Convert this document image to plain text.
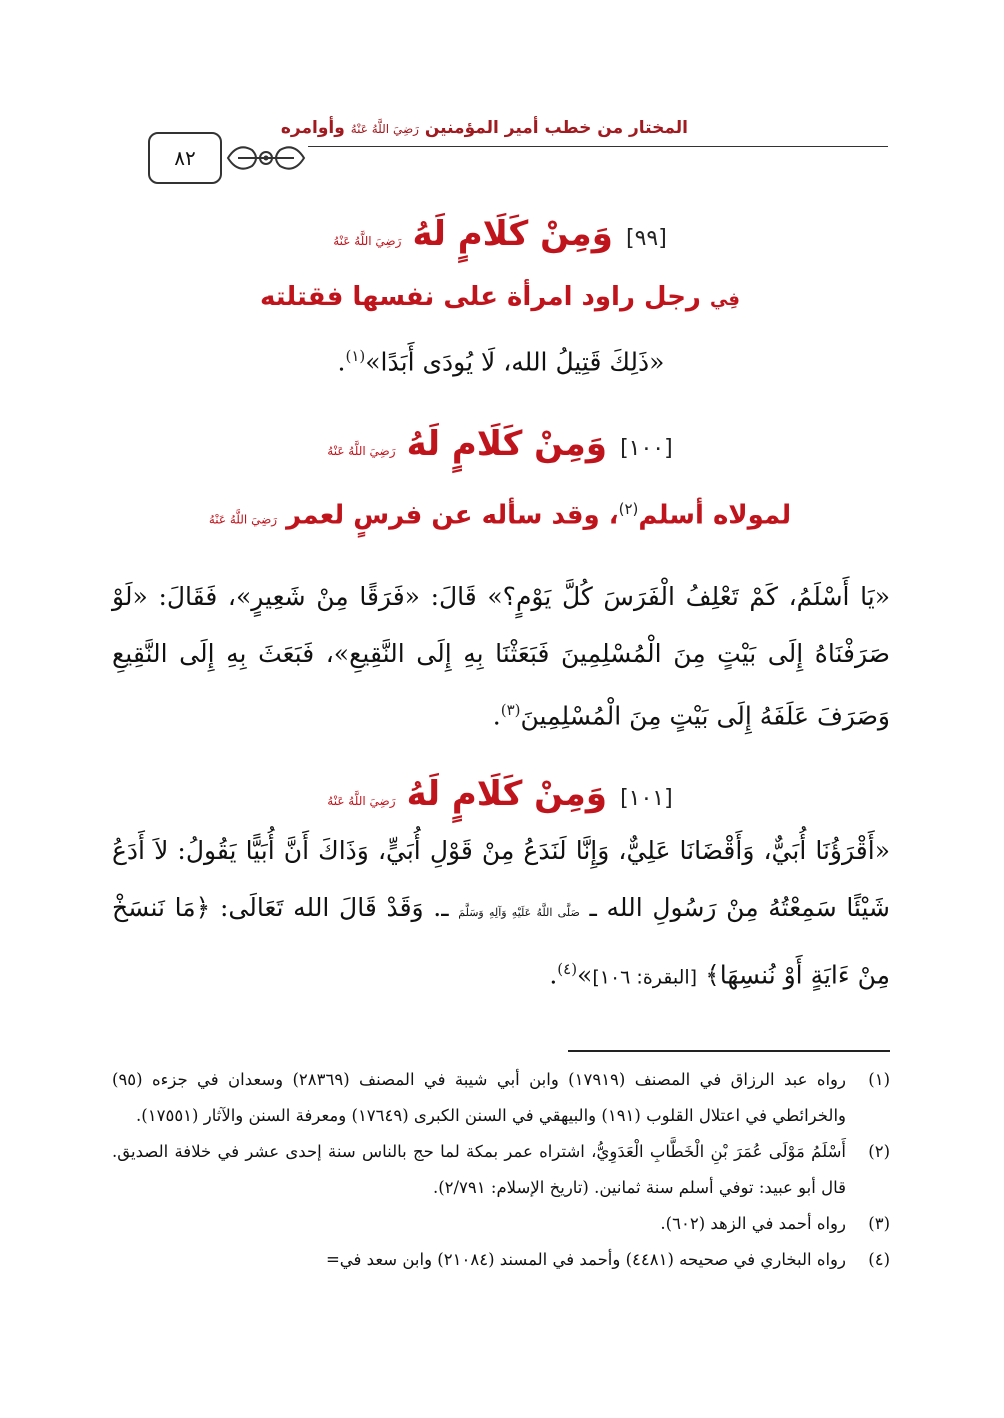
٨٢
المختار من خطب أمير المؤمنين رَضِيَ اللَّهُ عَنْهُ وأوامره
[٩٩] وَمِنْ كَلَامٍ لَهُ رَضِيَ اللَّهُ عَنْهُ
فِي رجل راود امرأة على نفسها فقتلته
«ذَلِكَ قَتِيلُ الله، لَا يُودَى أَبَدًا»$^{(١)}$.
[١٠٠] وَمِنْ كَلَامٍ لَهُ رَضِيَ اللَّهُ عَنْهُ
لمولاه أسلم$^{(٢)}$، وقد سأله عن فرسٍ لعمر رَضِيَ اللَّهُ عَنْهُ
«يَا أَسْلَمُ، كَمْ تَعْلِفُ الْفَرَسَ كُلَّ يَوْمٍ؟» قَالَ: «فَرَقًا مِنْ شَعِيرٍ»، فَقَالَ: «لَوْ صَرَفْنَاهُ إِلَى بَيْتٍ مِنَ الْمُسْلِمِينَ فَبَعَثْنَا بِهِ إِلَى النَّقِيعِ»، فَبَعَثَ بِهِ إِلَى النَّقِيعِ وَصَرَفَ عَلَفَهُ إِلَى بَيْتٍ مِنَ الْمُسْلِمِينَ$^{(٣)}$.
[١٠١] وَمِنْ كَلَامٍ لَهُ رَضِيَ اللَّهُ عَنْهُ
«أَقْرَؤُنَا أُبَيٌّ، وَأَقْضَانَا عَلِيٌّ، وَإِنَّا لَنَدَعُ مِنْ قَوْلِ أُبَيٍّ، وَذَاكَ أَنَّ أُبَيًّا يَقُولُ: لاَ أَدَعُ شَيْئًا سَمِعْتُهُ مِنْ رَسُولِ الله ـ صَلَّى اللَّهُ عَلَيْهِ وَآلِهِ وَسَلَّمَ ـ. وَقَدْ قَالَ الله تَعَالَى: ﴿مَا نَنسَخْ مِنْ ءَايَةٍ أَوْ نُنسِهَا﴾ [البقرة: ١٠٦]»$^{(٤)}$.
(١)
رواه عبد الرزاق في المصنف (١٧٩١٩) وابن أبي شيبة في المصنف (٢٨٣٦٩) وسعدان في جزءه (٩٥) والخرائطي في اعتلال القلوب (١٩١) والبيهقي في السنن الكبرى (١٧٦٤٩) ومعرفة السنن والآثار (١٧٥٥١).
(٢)
أَسْلَمُ مَوْلَى عُمَرَ بْنِ الْخَطَّابِ الْعَدَوِيُّ، اشتراه عمر بمكة لما حج بالناس سنة إحدى عشر في خلافة الصديق. قال أبو عبيد: توفي أسلم سنة ثمانين. (تاريخ الإسلام: ٢/٧٩١).
(٣)
رواه أحمد في الزهد (٦٠٢).
(٤)
رواه البخاري في صحيحه (٤٤٨١) وأحمد في المسند (٢١٠٨٤) وابن سعد في=
